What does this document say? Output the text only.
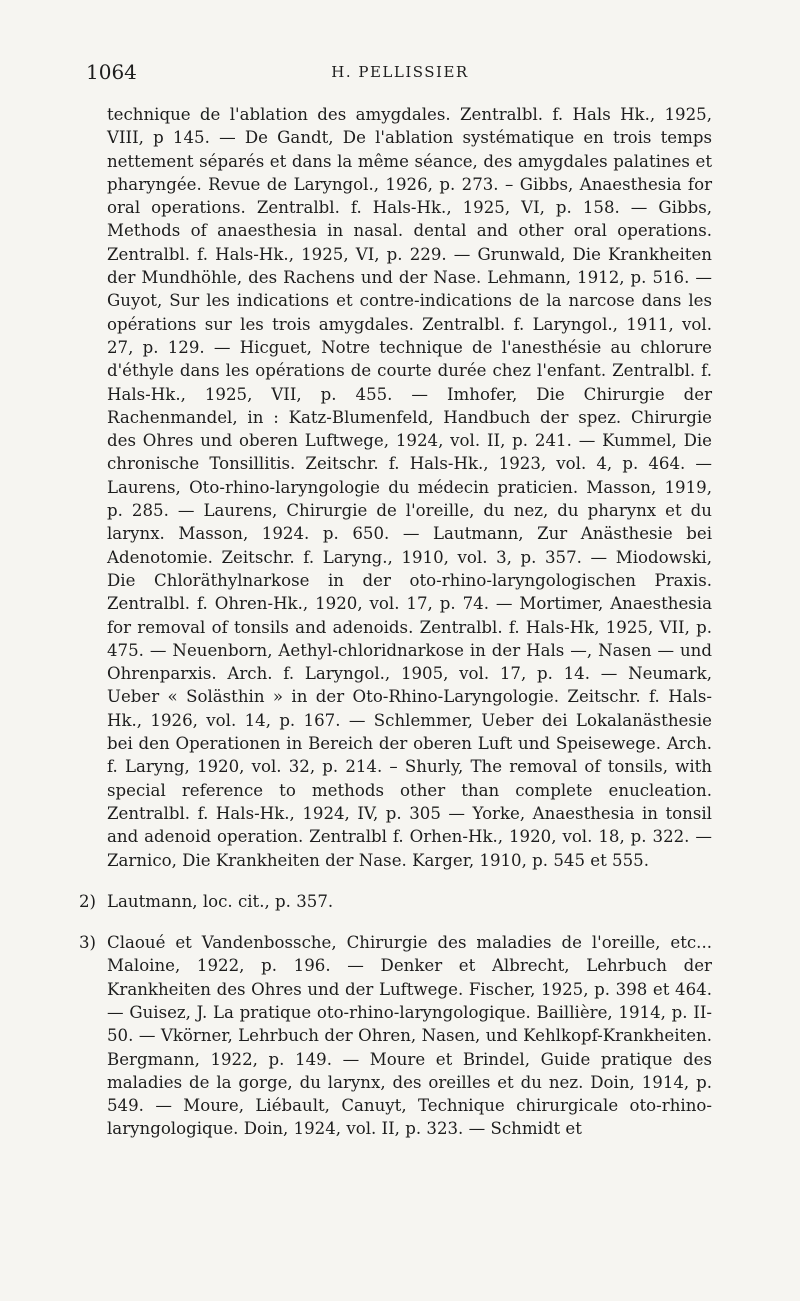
1064	H. PELLISSIER

technique de l'ablation des amygdales. Zentralbl. f. Hals Hk., 1925, VIII, p 145. — De Gandt, De l'ablation systématique en trois temps nettement séparés et dans la même séance, des amygdales palatines et pharyngée. Revue de Laryngol., 1926, p. 273. – Gibbs, Anaesthesia for oral operations. Zentralbl. f. Hals-Hk., 1925, VI, p. 158. — Gibbs, Methods of anaesthesia in nasal. dental and other oral operations. Zentralbl. f. Hals-Hk., 1925, VI, p. 229. — Grunwald, Die Krankheiten der Mundhöhle, des Rachens und der Nase. Lehmann, 1912, p. 516. — Guyot, Sur les indications et contre-indications de la narcose dans les opérations sur les trois amygdales. Zentralbl. f. Laryngol., 1911, vol. 27, p. 129. — Hicguet, Notre technique de l'anesthésie au chlorure d'éthyle dans les opérations de courte durée chez l'enfant. Zentralbl. f. Hals-Hk., 1925, VII, p. 455. — Imhofer, Die Chirurgie der Rachenmandel, in : Katz-Blumenfeld, Handbuch der spez. Chirurgie des Ohres und oberen Luftwege, 1924, vol. II, p. 241. — Kummel, Die chronische Tonsillitis. Zeitschr. f. Hals-Hk., 1923, vol. 4, p. 464. —Laurens, Oto-rhino-laryngologie du médecin praticien. Masson, 1919, p. 285. — Laurens, Chirurgie de l'oreille, du nez, du pharynx et du larynx. Masson, 1924. p. 650. — Lautmann, Zur Anästhesie bei Adenotomie. Zeitschr. f. Laryng., 1910, vol. 3, p. 357. — Miodowski, Die Chloräthylnarkose in der oto-rhino-laryngologischen Praxis. Zentralbl. f. Ohren-Hk., 1920, vol. 17, p. 74. — Mortimer, Anaesthesia for removal of tonsils and adenoids. Zentralbl. f. Hals-Hk, 1925, VII, p. 475. — Neuenborn, Aethyl-chloridnarkose in der Hals —, Nasen — und Ohrenparxis. Arch. f. Laryngol., 1905, vol. 17, p. 14. — Neumark, Ueber « Solästhin » in der Oto-Rhino-Laryngologie. Zeitschr. f. Hals-Hk., 1926, vol. 14, p. 167. — Schlemmer, Ueber dei Lokalanästhesie bei den Operationen in Bereich der oberen Luft und Speisewege. Arch. f. Laryng, 1920, vol. 32, p. 214. – Shurly, The removal of tonsils, with special reference to methods other than complete enucleation. Zentralbl. f. Hals-Hk., 1924, IV, p. 305 — Yorke, Anaesthesia in tonsil and adenoid operation. Zentralbl f. Orhen-Hk., 1920, vol. 18, p. 322. — Zarnico, Die Krankheiten der Nase. Karger, 1910, p. 545 et 555.

2) Lautmann, loc. cit., p. 357.
3) Claoué et Vandenbossche, Chirurgie des maladies de l'oreille, etc... Maloine, 1922, p. 196. — Denker et Albrecht, Lehrbuch der Krankheiten des Ohres und der Luftwege. Fischer, 1925, p. 398 et 464. — Guisez, J. La pratique oto-rhino-laryngologique. Baillière, 1914, p. II-50. — Vkörner, Lehrbuch der Ohren, Nasen, und Kehlkopf-Krankheiten. Bergmann, 1922, p. 149. — Moure et Brindel, Guide pratique des maladies de la gorge, du larynx, des oreilles et du nez. Doin, 1914, p. 549. — Moure, Liébault, Canuyt, Technique chirurgicale oto-rhino-laryngologique. Doin, 1924, vol. II, p. 323. — Schmidt et
